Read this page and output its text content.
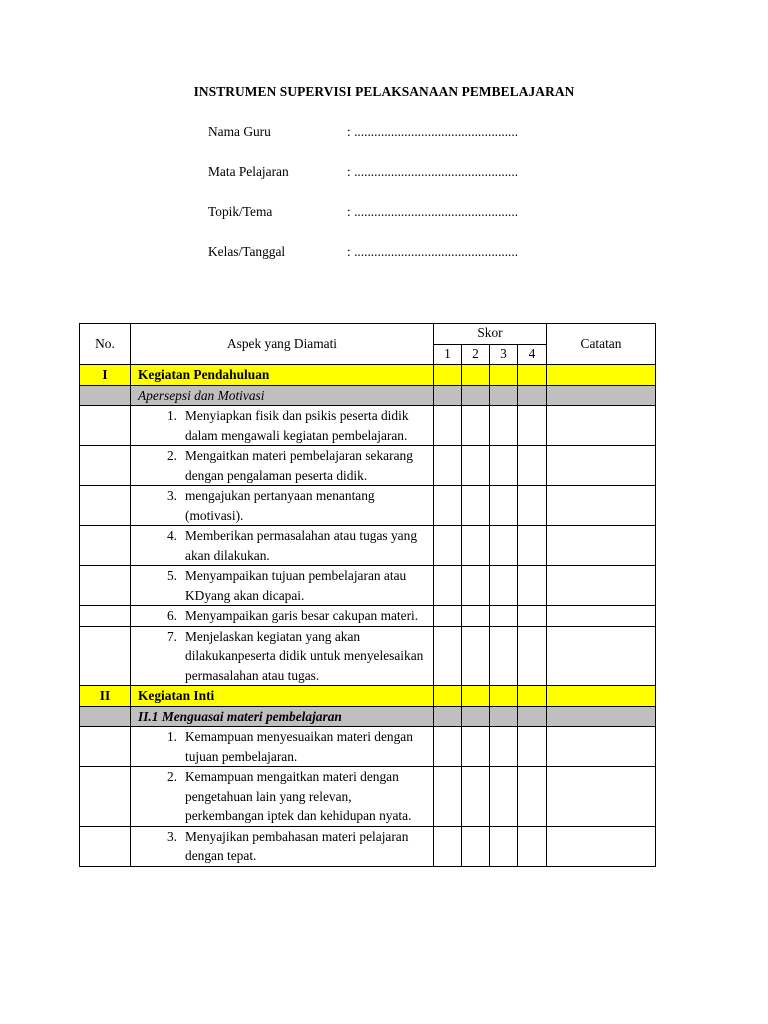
INSTRUMEN SUPERVISI PELAKSANAAN PEMBELAJARAN
Nama Guru	: .................................................
Mata Pelajaran	: .................................................
Topik/Tema	: .................................................
Kelas/Tanggal	: .................................................
No.	Aspek yang Diamati	Skor				Catatan
		1	2	3	4	
I	Kegiatan Pendahuluan					
	Apersepsi dan Motivasi					

	1. Menyiapkan fisik dan psikis peserta didik dalam mengawali kegiatan pembelajaran.					

	2. Mengaitkan materi pembelajaran sekarang dengan pengalaman peserta didik.					

	3. mengajukan pertanyaan menantang (motivasi).					

	4. Memberikan permasalahan atau tugas yang akan dilakukan.					

	5. Menyampaikan tujuan pembelajaran atau KDyang akan dicapai.					

	6. Menyampaikan garis besar cakupan materi.					

	7. Menjelaskan kegiatan yang akan dilakukanpeserta didik untuk menyelesaikan permasalahan atau tugas.					

II	Kegiatan Inti					
	II.1 Menguasai materi pembelajaran					

	1. Kemampuan menyesuaikan materi dengan tujuan pembelajaran.					

	2. Kemampuan mengaitkan materi dengan pengetahuan lain yang relevan, perkembangan iptek dan kehidupan nyata.					

	3. Menyajikan pembahasan materi pelajaran dengan tepat.					
